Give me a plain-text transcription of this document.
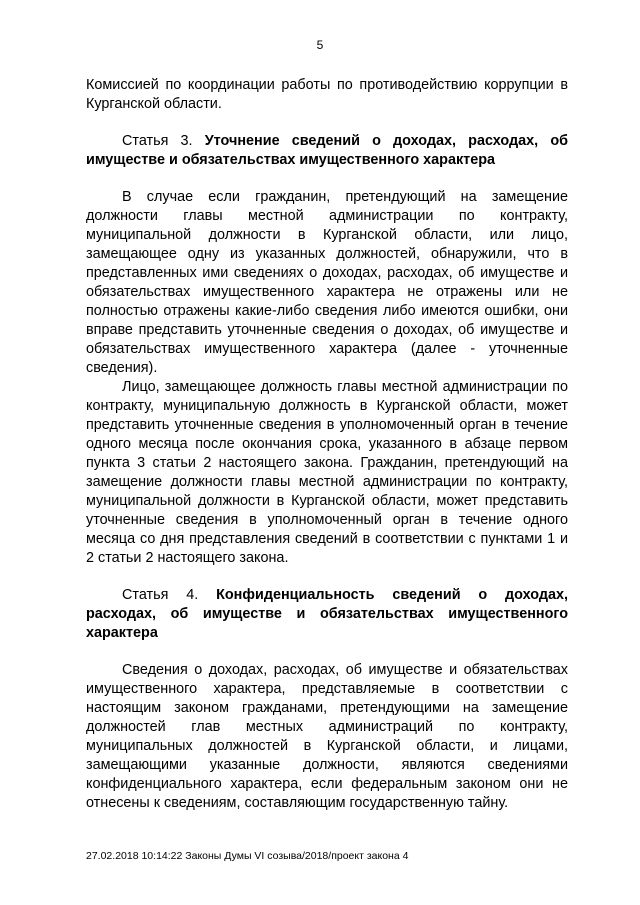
5

Комиссией по координации работы по противодействию коррупции в Курганской области.

Статья 3. Уточнение сведений о доходах, расходах, об имуществе и обязательствах имущественного характера

В случае если гражданин, претендующий на замещение должности главы местной администрации по контракту, муниципальной должности в Курганской области, или лицо, замещающее одну из указанных должностей, обнаружили, что в представленных ими сведениях о доходах, расходах, об имуществе и обязательствах имущественного характера не отражены или не полностью отражены какие-либо сведения либо имеются ошибки, они вправе представить уточненные сведения о доходах, об имуществе и обязательствах имущественного характера (далее - уточненные сведения).

Лицо, замещающее должность главы местной администрации по контракту, муниципальную должность в Курганской области, может представить уточненные сведения в уполномоченный орган в течение одного месяца после окончания срока, указанного в абзаце первом пункта 3 статьи 2 настоящего закона. Гражданин, претендующий на замещение должности главы местной администрации по контракту, муниципальной должности в Курганской области, может представить уточненные сведения в уполномоченный орган в течение одного месяца со дня представления сведений в соответствии с пунктами 1 и 2 статьи 2 настоящего закона.

Статья 4. Конфиденциальность сведений о доходах, расходах, об имуществе и обязательствах имущественного характера

Сведения о доходах, расходах, об имуществе и обязательствах имущественного характера, представляемые в соответствии с настоящим законом гражданами, претендующими на замещение должностей глав местных администраций по контракту, муниципальных должностей в Курганской области, и лицами, замещающими указанные должности, являются сведениями конфиденциального характера, если федеральным законом они не отнесены к сведениям, составляющим государственную тайну.

27.02.2018 10:14:22 Законы Думы VI созыва/2018/проект закона 4
